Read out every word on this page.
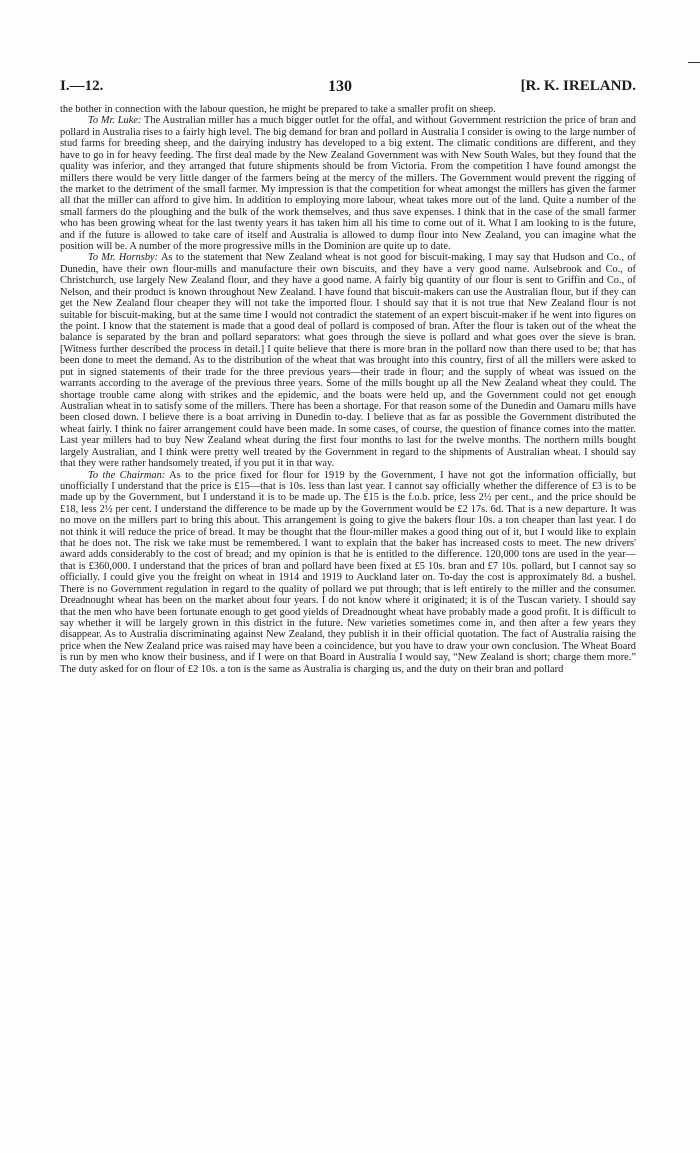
I.—12.	130	[R. K. IRELAND.

the bother in connection with the labour question, he might be prepared to take a smaller profit on sheep.

To Mr. Luke: The Australian miller has a much bigger outlet for the offal, and without Government restriction the price of bran and pollard in Australia rises to a fairly high level. The big demand for bran and pollard in Australia I consider is owing to the large number of stud farms for breeding sheep, and the dairying industry has developed to a big extent. The climatic conditions are different, and they have to go in for heavy feeding. The first deal made by the New Zealand Government was with New South Wales, but they found that the quality was inferior, and they arranged that future shipments should be from Victoria. From the competition I have found amongst the millers there would be very little danger of the farmers being at the mercy of the millers. The Government would prevent the rigging of the market to the detriment of the small farmer. My impression is that the competition for wheat amongst the millers has given the farmer all that the miller can afford to give him. In addition to employing more labour, wheat takes more out of the land. Quite a number of the small farmers do the ploughing and the bulk of the work themselves, and thus save expenses. I think that in the case of the small farmer who has been growing wheat for the last twenty years it has taken him all his time to come out of it. What I am looking to is the future, and if the future is allowed to take care of itself and Australia is allowed to dump flour into New Zealand, you can imagine what the position will be. A number of the more progressive mills in the Dominion are quite up to date.

To Mr. Hornsby: As to the statement that New Zealand wheat is not good for biscuit-making, I may say that Hudson and Co., of Dunedin, have their own flour-mills and manufacture their own biscuits, and they have a very good name. Aulsebrook and Co., of Christchurch, use largely New Zealand flour, and they have a good name. A fairly big quantity of our flour is sent to Griffin and Co., of Nelson, and their product is known throughout New Zealand. I have found that biscuit-makers can use the Australian flour, but if they can get the New Zealand flour cheaper they will not take the imported flour. I should say that it is not true that New Zealand flour is not suitable for biscuit-making, but at the same time I would not contradict the statement of an expert biscuit-maker if he went into figures on the point. I know that the statement is made that a good deal of pollard is composed of bran. After the flour is taken out of the wheat the balance is separated by the bran and pollard separators: what goes through the sieve is pollard and what goes over the sieve is bran. [Witness further described the process in detail.] I quite believe that there is more bran in the pollard now than there used to be; that has been done to meet the demand. As to the distribution of the wheat that was brought into this country, first of all the millers were asked to put in signed statements of their trade for the three previous years—their trade in flour; and the supply of wheat was issued on the warrants according to the average of the previous three years. Some of the mills bought up all the New Zealand wheat they could. The shortage trouble came along with strikes and the epidemic, and the boats were held up, and the Government could not get enough Australian wheat in to satisfy some of the millers. There has been a shortage. For that reason some of the Dunedin and Oamaru mills have been closed down. I believe there is a boat arriving in Dunedin to-day. I believe that as far as possible the Government distributed the wheat fairly. I think no fairer arrangement could have been made. In some cases, of course, the question of finance comes into the matter. Last year millers had to buy New Zealand wheat during the first four months to last for the twelve months. The northern mills bought largely Australian, and I think were pretty well treated by the Government in regard to the shipments of Australian wheat. I should say that they were rather handsomely treated, if you put it in that way.

To the Chairman: As to the price fixed for flour for 1919 by the Government, I have not got the information officially, but unofficially I understand that the price is £15—that is 10s. less than last year. I cannot say officially whether the difference of £3 is to be made up by the Government, but I understand it is to be made up. The £15 is the f.o.b. price, less 2½ per cent., and the price should be £18, less 2½ per cent. I understand the difference to be made up by the Government would be £2 17s. 6d. That is a new departure. It was no move on the millers part to bring this about. This arrangement is going to give the bakers flour 10s. a ton cheaper than last year. I do not think it will reduce the price of bread. It may be thought that the flour-miller makes a good thing out of it, but I would like to explain that he does not. The risk we take must be remembered. I want to explain that the baker has increased costs to meet. The new drivers' award adds considerably to the cost of bread; and my opinion is that he is entitled to the difference. 120,000 tons are used in the year—that is £360,000. I understand that the prices of bran and pollard have been fixed at £5 10s. bran and £7 10s. pollard, but I cannot say so officially. I could give you the freight on wheat in 1914 and 1919 to Auckland later on. To-day the cost is approximately 8d. a bushel. There is no Government regulation in regard to the quality of pollard we put through; that is left entirely to the miller and the consumer. Dreadnought wheat has been on the market about four years. I do not know where it originated; it is of the Tuscan variety. I should say that the men who have been fortunate enough to get good yields of Dreadnought wheat have probably made a good profit. It is difficult to say whether it will be largely grown in this district in the future. New varieties sometimes come in, and then after a few years they disappear. As to Australia discriminating against New Zealand, they publish it in their official quotation. The fact of Australia raising the price when the New Zealand price was raised may have been a coincidence, but you have to draw your own conclusion. The Wheat Board is run by men who know their business, and if I were on that Board in Australia I would say, “New Zealand is short; charge them more.” The duty asked for on flour of £2 10s. a ton is the same as Australia is charging us, and the duty on their bran and pollard
